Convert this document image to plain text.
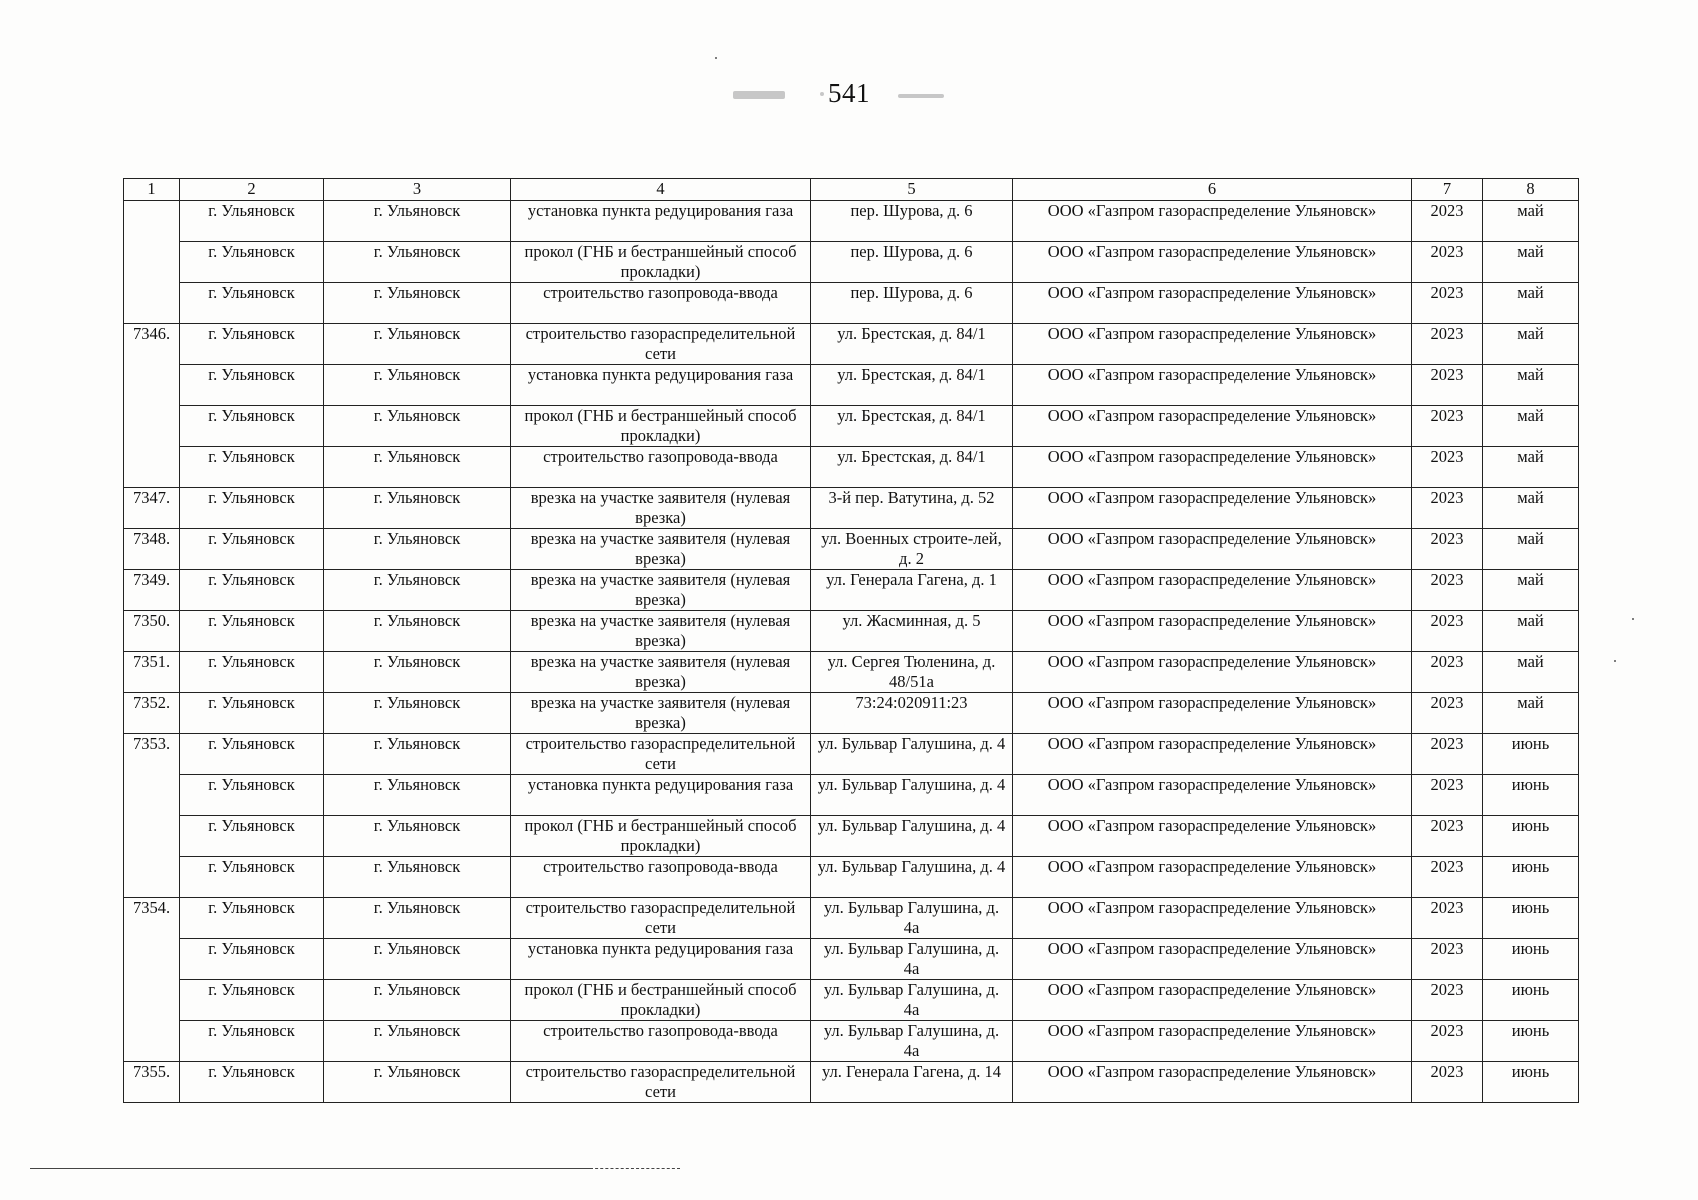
541
1	2	3	4	5	6	7	8
	г. Ульяновск	г. Ульяновск	установка пункта редуцирования газа	пер. Шурова, д. 6	ООО «Газпром газораспределение Ульяновск»	2023	май
	г. Ульяновск	г. Ульяновск	прокол (ГНБ и бестраншейный способ прокладки)	пер. Шурова, д. 6	ООО «Газпром газораспределение Ульяновск»	2023	май
	г. Ульяновск	г. Ульяновск	строительство газопровода-ввода	пер. Шурова, д. 6	ООО «Газпром газораспределение Ульяновск»	2023	май
7346.	г. Ульяновск	г. Ульяновск	строительство газораспределительной сети	ул. Брестская, д. 84/1	ООО «Газпром газораспределение Ульяновск»	2023	май
	г. Ульяновск	г. Ульяновск	установка пункта редуцирования газа	ул. Брестская, д. 84/1	ООО «Газпром газораспределение Ульяновск»	2023	май
	г. Ульяновск	г. Ульяновск	прокол (ГНБ и бестраншейный способ прокладки)	ул. Брестская, д. 84/1	ООО «Газпром газораспределение Ульяновск»	2023	май
	г. Ульяновск	г. Ульяновск	строительство газопровода-ввода	ул. Брестская, д. 84/1	ООО «Газпром газораспределение Ульяновск»	2023	май
7347.	г. Ульяновск	г. Ульяновск	врезка на участке заявителя (нулевая врезка)	3-й пер. Ватутина, д. 52	ООО «Газпром газораспределение Ульяновск»	2023	май
7348.	г. Ульяновск	г. Ульяновск	врезка на участке заявителя (нулевая врезка)	ул. Военных строите-лей, д. 2	ООО «Газпром газораспределение Ульяновск»	2023	май
7349.	г. Ульяновск	г. Ульяновск	врезка на участке заявителя (нулевая врезка)	ул. Генерала Гагена, д. 1	ООО «Газпром газораспределение Ульяновск»	2023	май
7350.	г. Ульяновск	г. Ульяновск	врезка на участке заявителя (нулевая врезка)	ул. Жасминная, д. 5	ООО «Газпром газораспределение Ульяновск»	2023	май
7351.	г. Ульяновск	г. Ульяновск	врезка на участке заявителя (нулевая врезка)	ул. Сергея Тюленина, д. 48/51а	ООО «Газпром газораспределение Ульяновск»	2023	май
7352.	г. Ульяновск	г. Ульяновск	врезка на участке заявителя (нулевая врезка)	73:24:020911:23	ООО «Газпром газораспределение Ульяновск»	2023	май
7353.	г. Ульяновск	г. Ульяновск	строительство газораспределительной сети	ул. Бульвар Галушина, д. 4	ООО «Газпром газораспределение Ульяновск»	2023	июнь
	г. Ульяновск	г. Ульяновск	установка пункта редуцирования газа	ул. Бульвар Галушина, д. 4	ООО «Газпром газораспределение Ульяновск»	2023	июнь
	г. Ульяновск	г. Ульяновск	прокол (ГНБ и бестраншейный способ прокладки)	ул. Бульвар Галушина, д. 4	ООО «Газпром газораспределение Ульяновск»	2023	июнь
	г. Ульяновск	г. Ульяновск	строительство газопровода-ввода	ул. Бульвар Галушина, д. 4	ООО «Газпром газораспределение Ульяновск»	2023	июнь
7354.	г. Ульяновск	г. Ульяновск	строительство газораспределительной сети	ул. Бульвар Галушина, д. 4а	ООО «Газпром газораспределение Ульяновск»	2023	июнь
	г. Ульяновск	г. Ульяновск	установка пункта редуцирования газа	ул. Бульвар Галушина, д. 4а	ООО «Газпром газораспределение Ульяновск»	2023	июнь
	г. Ульяновск	г. Ульяновск	прокол (ГНБ и бестраншейный способ прокладки)	ул. Бульвар Галушина, д. 4а	ООО «Газпром газораспределение Ульяновск»	2023	июнь
	г. Ульяновск	г. Ульяновск	строительство газопровода-ввода	ул. Бульвар Галушина, д. 4а	ООО «Газпром газораспределение Ульяновск»	2023	июнь
7355.	г. Ульяновск	г. Ульяновск	строительство газораспределительной сети	ул. Генерала Гагена, д. 14	ООО «Газпром газораспределение Ульяновск»	2023	июнь
